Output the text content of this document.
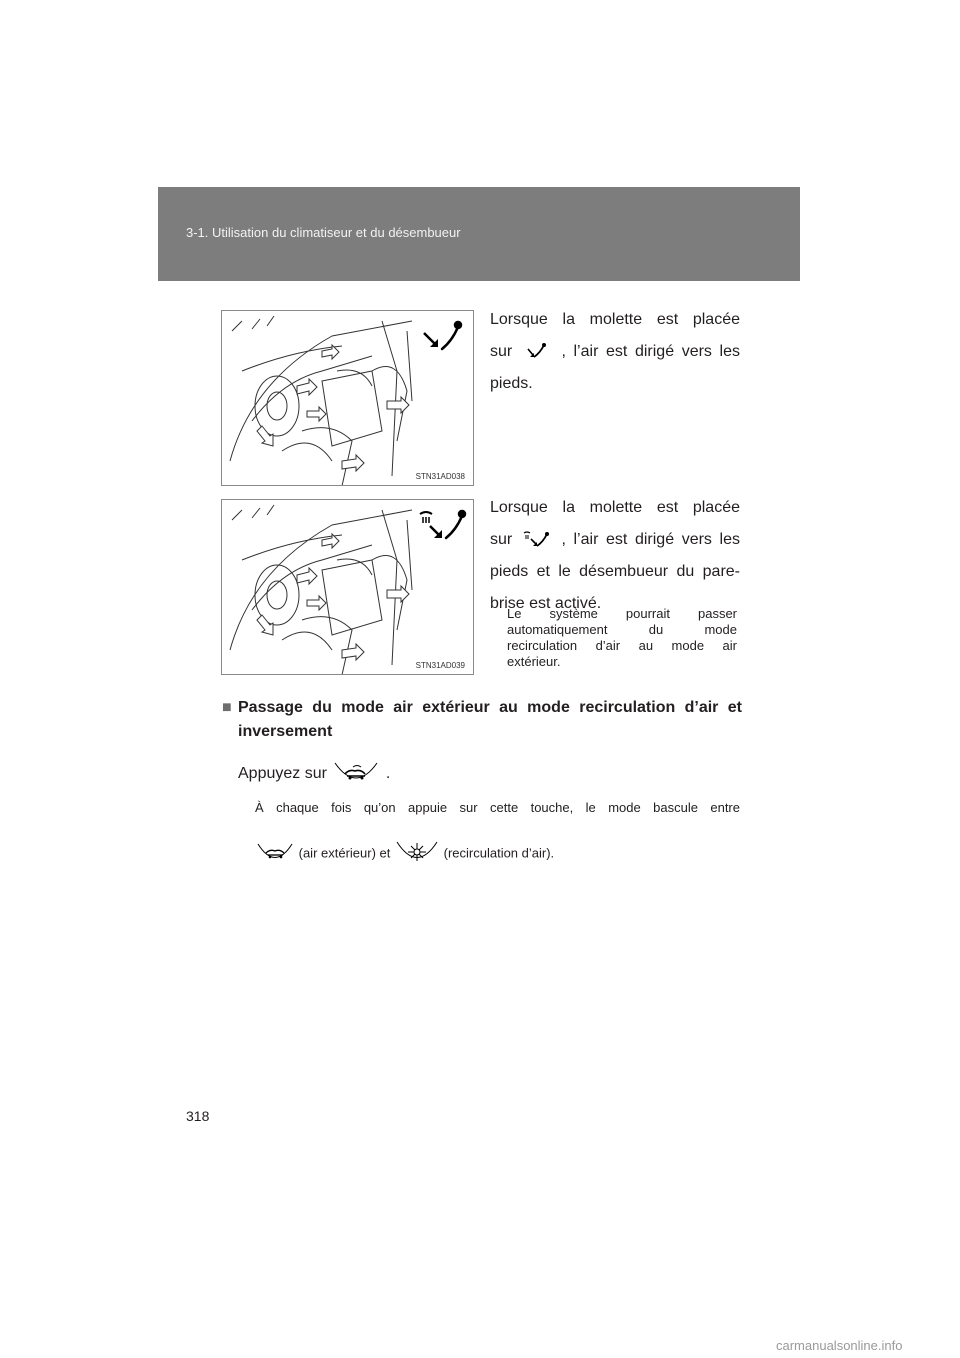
3-1. Utilisation du climatiseur et du désembueur
STN31AD038
STN31AD039
Lorsque la molette est placée
sur	, l’air est dirigé vers les
pieds.
Lorsque la molette est placée
sur	, l’air est dirigé vers les
pieds et le désembueur du pare-
brise est activé.
Le système pourrait passer
automatiquement du mode
recirculation d’air au mode air
extérieur.
■ Passage du mode air extérieur au mode recirculation d’air et
inversement
Appuyez sur	.
À chaque fois qu’on appuie sur cette touche, le mode bascule entre
(air extérieur) et	(recirculation d’air).
318
carmanualsonline.info
